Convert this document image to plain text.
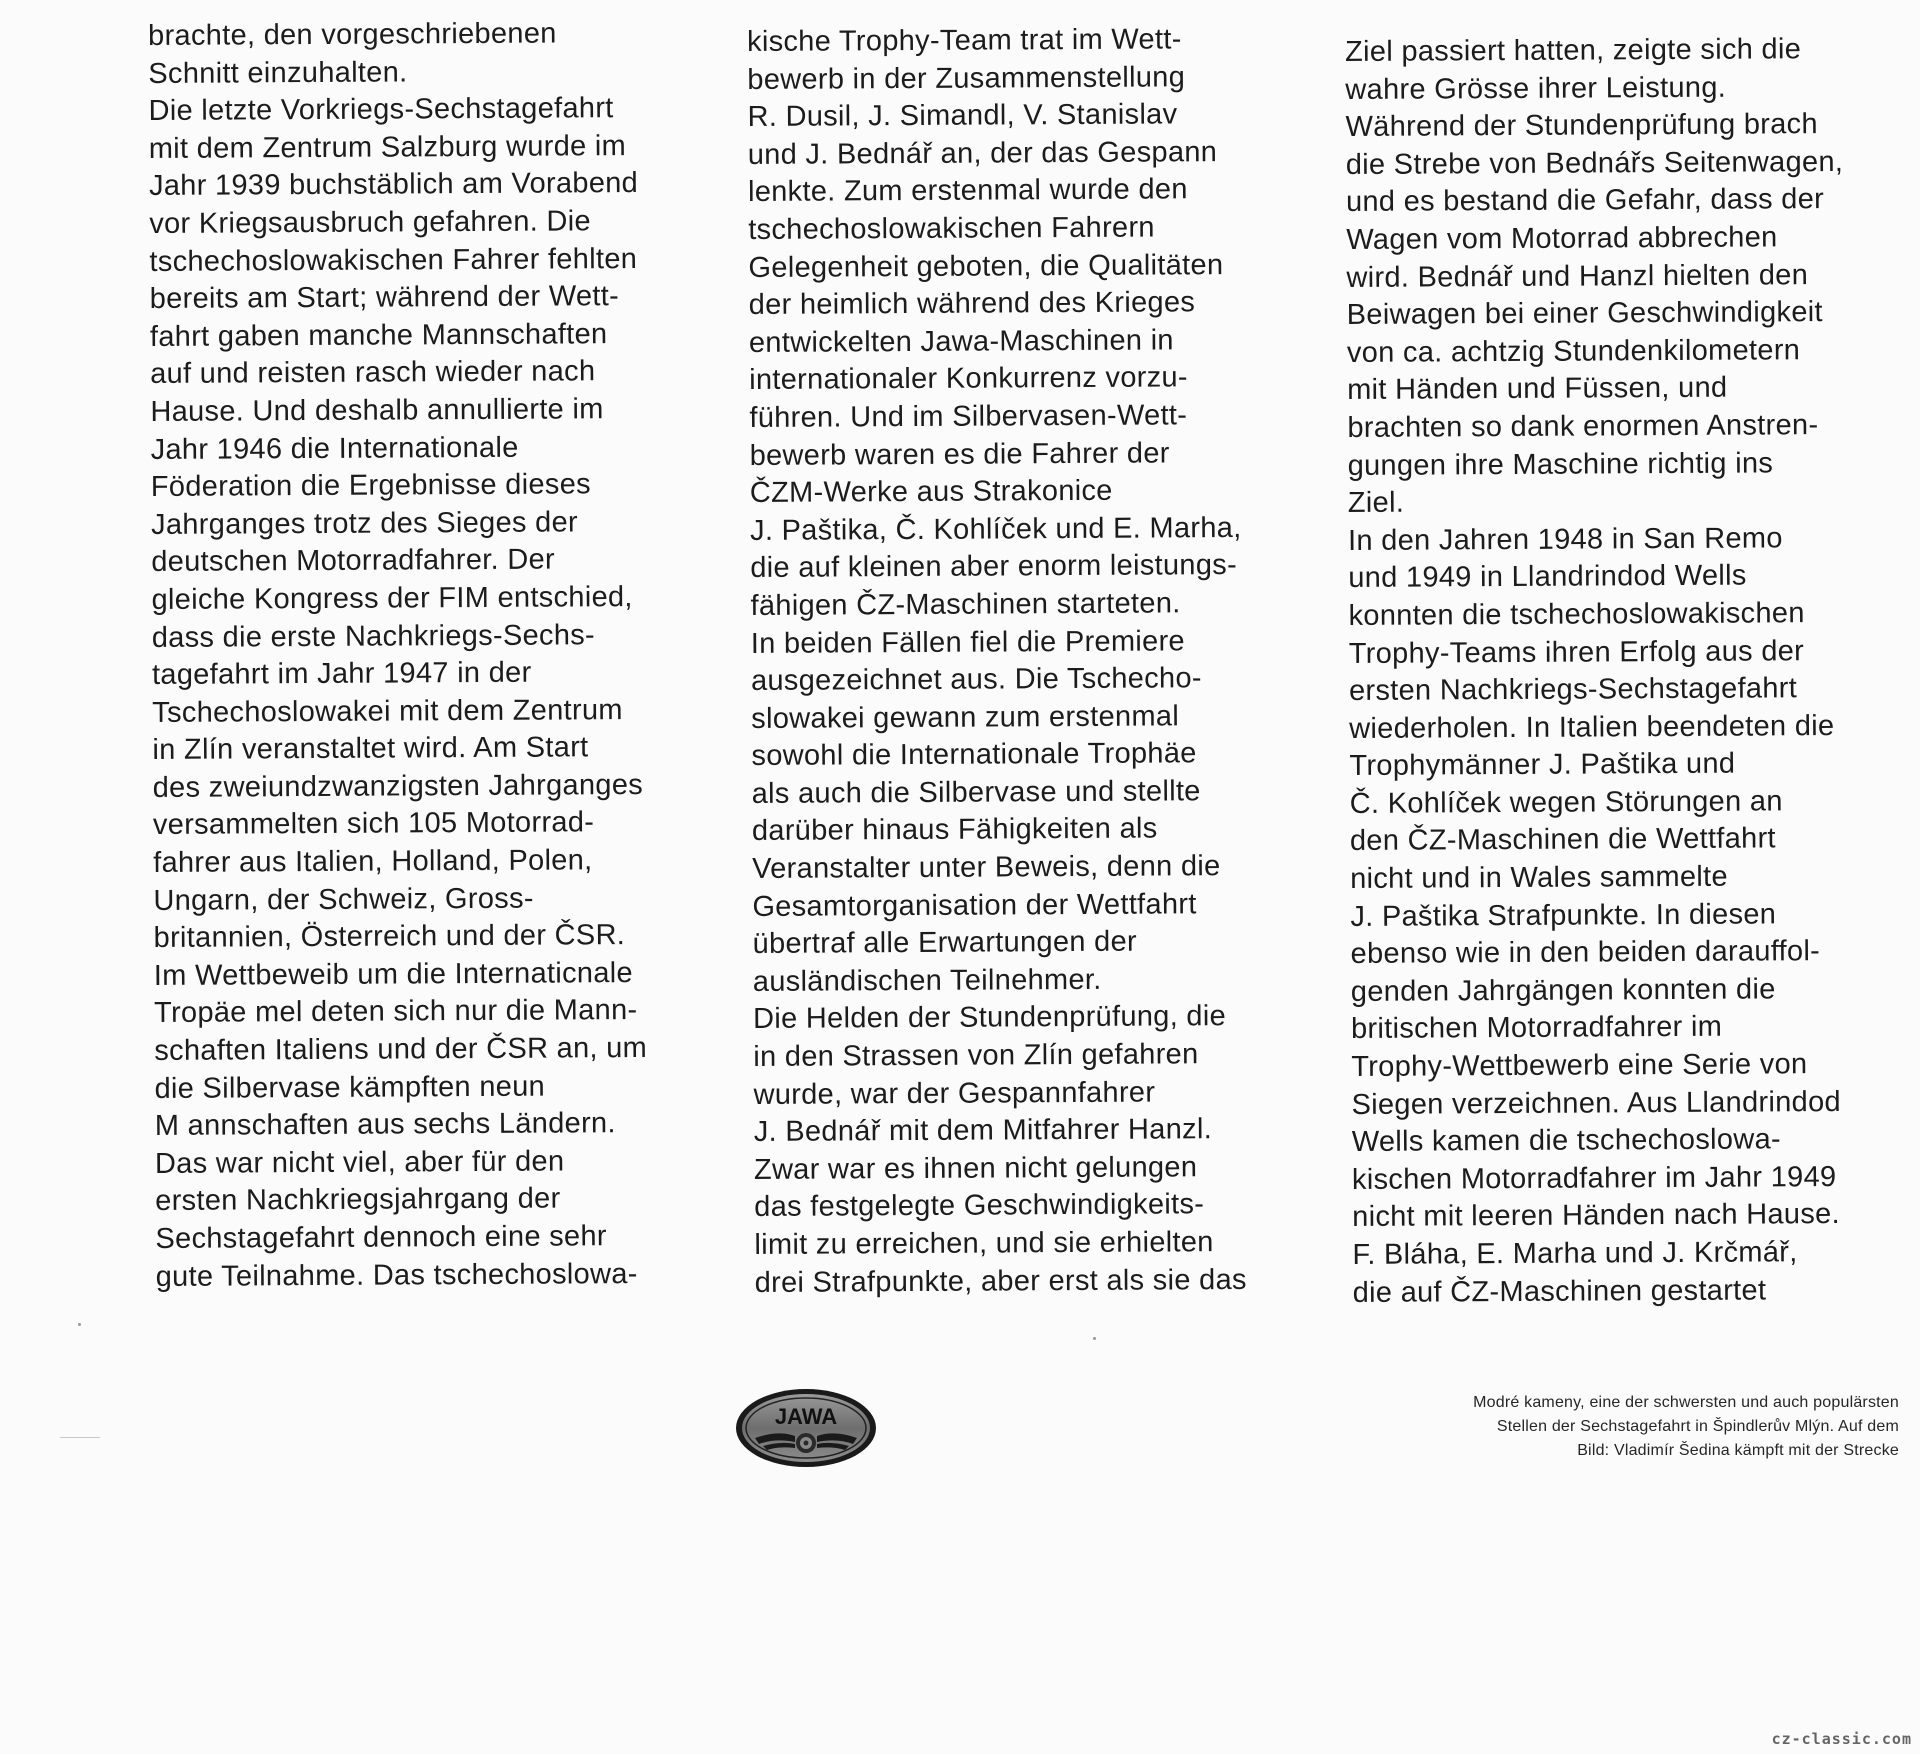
brachte, den vorgeschriebenen
Schnitt einzuhalten.
Die letzte Vorkriegs-Sechstagefahrt
mit dem Zentrum Salzburg wurde im
Jahr 1939 buchstäblich am Vorabend
vor Kriegsausbruch gefahren. Die
tschechoslowakischen Fahrer fehlten
bereits am Start; während der Wett-
fahrt gaben manche Mannschaften
auf und reisten rasch wieder nach
Hause. Und deshalb annullierte im
Jahr 1946 die Internationale
Föderation die Ergebnisse dieses
Jahrganges trotz des Sieges der
deutschen Motorradfahrer. Der
gleiche Kongress der FIM entschied,
dass die erste Nachkriegs-Sechs-
tagefahrt im Jahr 1947 in der
Tschechoslowakei mit dem Zentrum
in Zlín veranstaltet wird. Am Start
des zweiundzwanzigsten Jahrganges
versammelten sich 105 Motorrad-
fahrer aus Italien, Holland, Polen,
Ungarn, der Schweiz, Gross-
britannien, Österreich und der ČSR.
Im Wettbeweib um die Internaticnale
Tropäe mel deten sich nur die Mann-
schaften Italiens und der ČSR an, um
die Silbervase kämpften neun
M annschaften aus sechs Ländern.
Das war nicht viel, aber für den
ersten Nachkriegsjahrgang der
Sechstagefahrt dennoch eine sehr
gute Teilnahme. Das tschechoslowa-
kische Trophy-Team trat im Wett-
bewerb in der Zusammenstellung
R. Dusil, J. Simandl, V. Stanislav
und J. Bednář an, der das Gespann
lenkte. Zum erstenmal wurde den
tschechoslowakischen Fahrern
Gelegenheit geboten, die Qualitäten
der heimlich während des Krieges
entwickelten Jawa-Maschinen in
internationaler Konkurrenz vorzu-
führen. Und im Silbervasen-Wett-
bewerb waren es die Fahrer der
ČZM-Werke aus Strakonice
J. Paštika, Č. Kohlíček und E. Marha,
die auf kleinen aber enorm leistungs-
fähigen ČZ-Maschinen starteten.
In beiden Fällen fiel die Premiere
ausgezeichnet aus. Die Tschecho-
slowakei gewann zum erstenmal
sowohl die Internationale Trophäe
als auch die Silbervase und stellte
darüber hinaus Fähigkeiten als
Veranstalter unter Beweis, denn die
Gesamtorganisation der Wettfahrt
übertraf alle Erwartungen der
ausländischen Teilnehmer.
Die Helden der Stundenprüfung, die
in den Strassen von Zlín gefahren
wurde, war der Gespannfahrer
J. Bednář mit dem Mitfahrer Hanzl.
Zwar war es ihnen nicht gelungen
das festgelegte Geschwindigkeits-
limit zu erreichen, und sie erhielten
drei Strafpunkte, aber erst als sie das
Ziel passiert hatten, zeigte sich die
wahre Grösse ihrer Leistung.
Während der Stundenprüfung brach
die Strebe von Bednářs Seitenwagen,
und es bestand die Gefahr, dass der
Wagen vom Motorrad abbrechen
wird. Bednář und Hanzl hielten den
Beiwagen bei einer Geschwindigkeit
von ca. achtzig Stundenkilometern
mit Händen und Füssen, und
brachten so dank enormen Anstren-
gungen ihre Maschine richtig ins
Ziel.
In den Jahren 1948 in San Remo
und 1949 in Llandrindod Wells
konnten die tschechoslowakischen
Trophy-Teams ihren Erfolg aus der
ersten Nachkriegs-Sechstagefahrt
wiederholen. In Italien beendeten die
Trophymänner J. Paštika und
Č. Kohlíček wegen Störungen an
den ČZ-Maschinen die Wettfahrt
nicht und in Wales sammelte
J. Paštika Strafpunkte. In diesen
ebenso wie in den beiden darauffol-
genden Jahrgängen konnten die
britischen Motorradfahrer im
Trophy-Wettbewerb eine Serie von
Siegen verzeichnen. Aus Llandrindod
Wells kamen die tschechoslowa-
kischen Motorradfahrer im Jahr 1949
nicht mit leeren Händen nach Hause.
F. Bláha, E. Marha und J. Krčmář,
die auf ČZ-Maschinen gestartet
JAWA
Modré kameny, eine der schwersten und auch populärsten
Stellen der Sechstagefahrt in Špindlerův Mlýn. Auf dem
Bild: Vladimír Šedina kämpft mit der Strecke
cz-classic.com
